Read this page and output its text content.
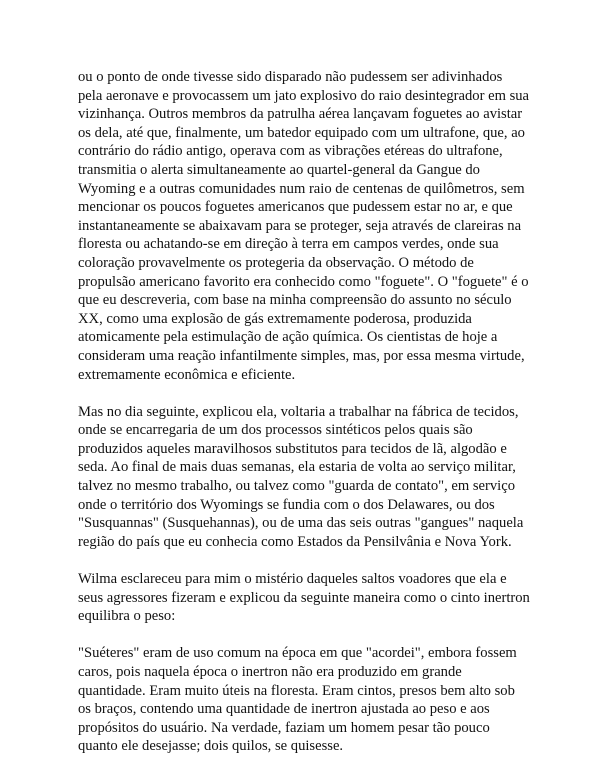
ou o ponto de onde tivesse sido disparado não pudessem ser adivinhados pela aeronave e provocassem um jato explosivo do raio desintegrador em sua vizinhança. Outros membros da patrulha aérea lançavam foguetes ao avistar os dela, até que, finalmente, um batedor equipado com um ultrafone, que, ao contrário do rádio antigo, operava com as vibrações etéreas do ultrafone, transmitia o alerta simultaneamente ao quartel-general da Gangue do Wyoming e a outras comunidades num raio de centenas de quilômetros, sem mencionar os poucos foguetes americanos que pudessem estar no ar, e que instantaneamente se abaixavam para se proteger, seja através de clareiras na floresta ou achatando-se em direção à terra em campos verdes, onde sua coloração provavelmente os protegeria da observação. O método de propulsão americano favorito era conhecido como "foguete". O "foguete" é o que eu descreveria, com base na minha compreensão do assunto no século XX, como uma explosão de gás extremamente poderosa, produzida atomicamente pela estimulação de ação química. Os cientistas de hoje a consideram uma reação infantilmente simples, mas, por essa mesma virtude, extremamente econômica e eficiente.

Mas no dia seguinte, explicou ela, voltaria a trabalhar na fábrica de tecidos, onde se encarregaria de um dos processos sintéticos pelos quais são produzidos aqueles maravilhosos substitutos para tecidos de lã, algodão e seda. Ao final de mais duas semanas, ela estaria de volta ao serviço militar, talvez no mesmo trabalho, ou talvez como "guarda de contato", em serviço onde o território dos Wyomings se fundia com o dos Delawares, ou dos "Susquannas" (Susquehannas), ou de uma das seis outras "gangues" naquela região do país que eu conhecia como Estados da Pensilvânia e Nova York.

Wilma esclareceu para mim o mistério daqueles saltos voadores que ela e seus agressores fizeram e explicou da seguinte maneira como o cinto inertron equilibra o peso:

"Suéteres" eram de uso comum na época em que "acordei", embora fossem caros, pois naquela época o inertron não era produzido em grande quantidade. Eram muito úteis na floresta. Eram cintos, presos bem alto sob os braços, contendo uma quantidade de inertron ajustada ao peso e aos propósitos do usuário. Na verdade, faziam um homem pesar tão pouco quanto ele desejasse; dois quilos, se quisesse.
